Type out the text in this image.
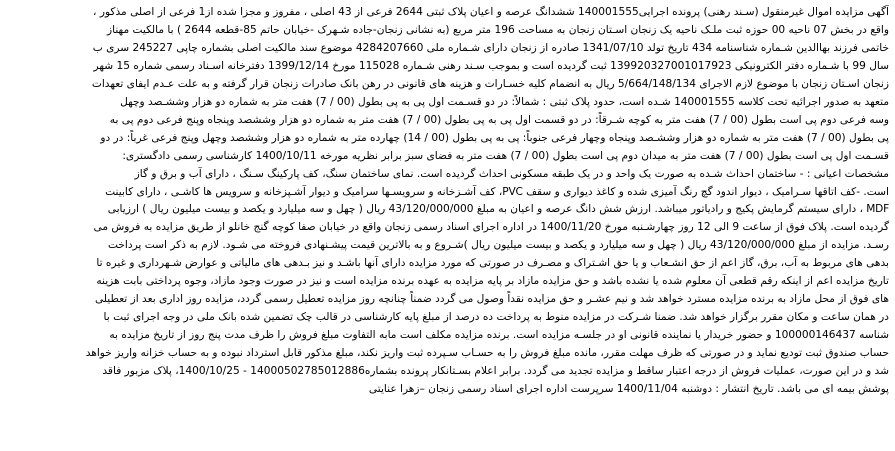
آگهی مزایده اموال غیرمنقول (سـند رهنی) پرونده اجرایی140001555 ششدانگ عرصه و اعیان پلاک ثبتی 2644 فرعی از 43 اصلی ، مفروز و مجزا شده از1 فرعی از اصلی مذکور ،
واقع در بخش 07 ناحیه 00 حوزه ثبت ملـک ناحیه یک زنجان اسـتان زنجان به مساحت 196 متر مربع (به نشانی زنجان-جاده شـهرک -خیابان حاتم 85-قطعه 2644 ) با مالکیت مهناز
خاتمی فرزند بهاالدین شـماره شناسنامه 434 تاریخ تولد 1341/07/10 صادره از زنجان دارای شـماره ملی 4284207660 موضوع سند مالکیت اصلی بشماره چاپی 245227 سری ب
سال 99 با شـماره دفتر الکترونیکی 139920327001017923 ثبت گردیده است و بموجب سـند رهنی شـماره 115028 مورخ 1399/12/14 دفترخانه اسـناد رسمی شماره 15 شهر
زنجان اسـتان زنجان با موضوع لازم الاجرای 5/664/148/134 ریال به انضمام کلیه خسـارات و هزینه های قانونی در رهن بانک صادرات زنجان قرار گرفته و به علت عـدم ایفای تعهدات
متعهد به صدور اجرائیه تحت کلاسه 140001555 شـده است، حدود پلاک ثبتی : شمالاً: در دو قسـمت اول پی به پی بطول (00 / 7) هفت متر به شماره دو هزار وششـصد وچهل
وسه فرعی دوم پی است بطول (00 / 7) هفت متر به کوچه شـرقاً: در دو قسمت اول پی به پی بطول (00 / 7) هفت متر به شماره دو هزار وششصد وپنجاه وپنج فرعی دوم پی به
پی بطول (00 / 7) هفت متر به شماره دو هزار وششـصد وپنجاه وچهار فرعی جنوباً: پی به پی بطول (00 / 14) چهارده متر به شماره دو هزار وششصد وچهل وپنج فرعی غرباً: در دو
قسـمت اول پی است بطول (00 / 7) هفت متر به میدان دوم پی است بطول (00 / 7) هفت متر به فضای سبز برابر نظریه مورخه 1400/10/11 کارشناسی رسمی دادگستری:
مشخصات اعیانی : - ساختمان احداث شـده به صورت یک واحد و در یک طبقه مسکونی احداث گردیده است. نمای ساختمان سنگ، کف پارکینگ سـنگ ، دارای آب و برق و گاز
است. -کف اتاقها سـرامیک ، دیوار اندود گچ رنگ آمیزی شده و کاغذ دیواری و سقف PVC، کف آشـزخانه و سرویسـها سرامیک و دیوار آشـپزخانه و سرویس ها کاشـی ، دارای کابینت
MDF ، دارای سیستم گرمایش پکیج و رادیاتور میباشد. ارزش شش دانگ عرصه و اعیان به مبلغ 43/120/000/000 ریال ( چهل و سه میلیارد و یکصد و بیست میلیون ریال ) ارزیابی
گردیده است. پلاک فوق از ساعت 9 الی 12 روز چهارشـنبه مورخ 1400/11/20 در اداره اجرای اسناد رسمی زنجان واقع در خیابان صفا کوچه گنج خانلو از طریق مزایده به فروش می
رسـد. مزایده از مبلغ 43/120/000/000 ریال ( چهل و سه میلیارد و یکصد و بیست میلیون ریال )شـروع و به بالاترین قیمت پیشـنهادی فروخته می شـود. لازم به ذکر است پرداخت
بدهی های مربوط به آب، برق، گاز اعم از حق انشـعاب و یا حق اشـتراک و مصـرف در صورتی که مورد مزایده دارای آنها باشـد و نیز بـدهی های مالیاتی و عوارض شـهرداری و غیره تا
تاریخ مزایده اعم از اینکه رقم قطعی آن معلوم شده یا نشده باشد و حق مزایده مازاد بر پایه مزایده به عهده برنده مزایده است و نیز در صورت وجود مازاد، وجوه پرداختی بابت هزینه
های فوق از محل مازاد به برنده مزایده مسترد خواهد شد و نیم عشـر و حق مزایده نقداً وصول می گردد ضمناً چنانچه روز مزایده تعطیل رسمی گردد، مزایده روز اداری بعد از تعطیلی
در همان ساعت و مکان مقرر برگزار خواهد شد. ضمنا شـرکت در مزایده منوط به پرداخت ده درصد از مبلغ پایه کارشناسی در قالب چک تضمین شده بانک ملی در وجه اجرای ثبت با
شناسه 100000146437 و حضور خریدار یا نماینده قانونی او در جلسـه مزایده است. برنده مزایده مکلف است مابه التفاوت مبلغ فروش را ظرف مدت پنج روز از تاریخ مزایده به
حساب صندوق ثبت تودیع نماید و در صورتی که ظرف مهلت مقرر، مانده مبلغ فروش را به حسـاب سـپرده ثبت واریز نکند، مبلغ مذکور قابل استرداد نبوده و به حساب خزانه واریز خواهد
شد و در این صورت، عملیات فروش از درجه اعتبار ساقط و مزایده تجدید می گردد. برابر اعلام بسـتانکار پرونده بشماره14000502785012886 - 1400/10/25، پلاک مزبور فاقد
پوشش بیمه ای می باشد. تاریخ انتشار : دوشنبه 1400/11/04 سرپرست اداره اجرای اسناد رسمی زنجان –زهرا عنایتی
